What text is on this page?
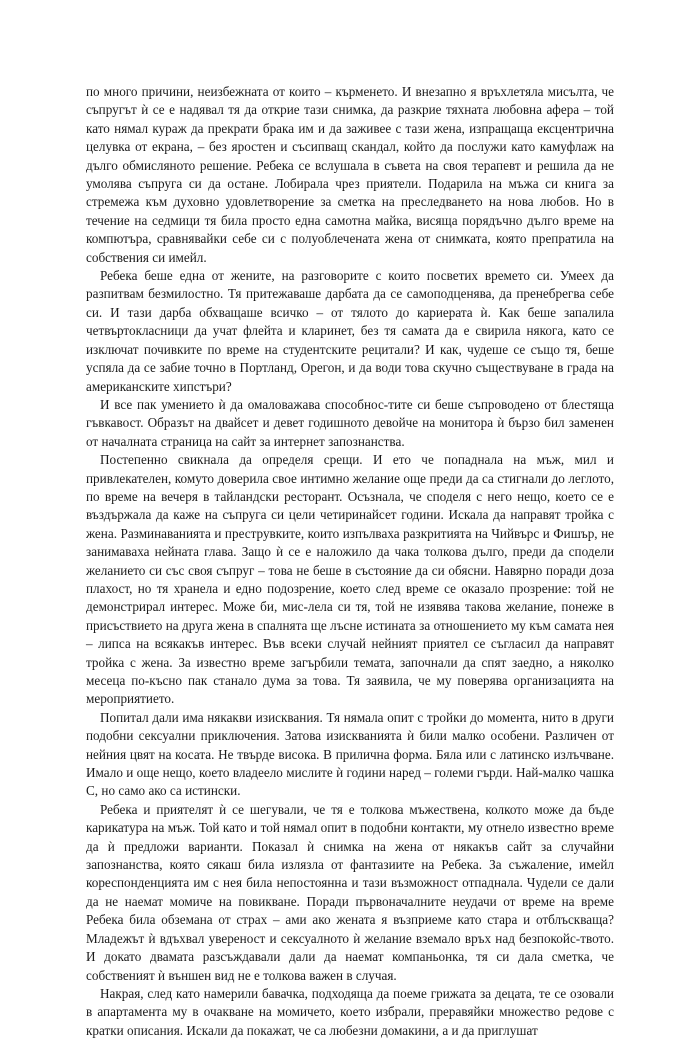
по много причини, неизбежната от които – кърменето. И внезапно я връхлетяла мисълта, че съпругът ѝ се е надявал тя да открие тази снимка, да разкрие тяхната любовна афера – той като нямал кураж да прекрати брака им и да заживее с тази жена, изпращаща ексцентрична целувка от екрана, – без яростен и съсипващ скандал, който да послужи като камуфлаж на дълго обмисляното решение. Ребека се вслушала в съвета на своя терапевт и решила да не умолява съпруга си да остане. Лобирала чрез приятели. Подарила на мъжа си книга за стремежа към духовно удовлетворение за сметка на преследването на нова любов. Но в течение на седмици тя била просто една самотна майка, висяща порядъчно дълго време на компютъра, сравнявайки себе си с полуоблечената жена от снимката, която препратила на собствения си имейл.

Ребека беше една от жените, на разговорите с които посветих времето си. Умеех да разпитвам безмилостно. Тя притежаваше дарбата да се самоподценява, да пренебрегва себе си. И тази дарба обхващаше всичко – от тялото до кариерата ѝ. Как беше запалила четвъртокласници да учат флейта и кларинет, без тя самата да е свирила някога, като се изключат почивките по време на студентските рецитали? И как, чудеше се също тя, беше успяла да се забие точно в Портланд, Орегон, и да води това скучно съществуване в града на американските хипстъри?

И все пак умението ѝ да омаловажава способнос-тите си беше съпроводено от блестяща гъвкавост. Образът на двайсет и девет годишното девойче на монитора ѝ бързо бил заменен от началната страница на сайт за интернет запознанства.

Постепенно свикнала да определя срещи. И ето че попаднала на мъж, мил и привлекателен, комуто доверила свое интимно желание още преди да са стигнали до леглото, по време на вечеря в тайландски ресторант. Осъзнала, че споделя с него нещо, което се е въздържала да каже на съпруга си цели четиринайсет години. Искала да направят тройка с жена. Разминаванията и преструвките, които изпълваха разкритията на Чийвърс и Фишър, не занимаваха нейната глава. Защо ѝ се е наложило да чака толкова дълго, преди да сподели желанието си със своя съпруг – това не беше в състояние да си обясни. Навярно поради доза плахост, но тя хранела и едно подозрение, което след време се оказало прозрение: той не демонстрирал интерес. Може би, мис-лела си тя, той не изявява такова желание, понеже в присъствието на друга жена в спалнята ще лъсне истината за отношението му към самата нея – липса на всякакъв интерес. Във всеки случай нейният приятел се съгласил да направят тройка с жена. За известно време загърбили темата, започнали да спят заедно, а няколко месеца по-късно пак станало дума за това. Тя заявила, че му поверява организацията на мероприятието.

Попитал дали има някакви изисквания. Тя нямала опит с тройки до момента, нито в други подобни сексуални приключения. Затова изискванията ѝ били малко особени. Различен от нейния цвят на косата. Не твърде висока. В прилична форма. Бяла или с латинско излъчване. Имало и още нещо, което владеело мислите ѝ години наред – големи гърди. Най-малко чашка С, но само ако са истински.

Ребека и приятелят ѝ се шегували, че тя е толкова мъжествена, колкото може да бъде карикатура на мъж. Той като и той нямал опит в подобни контакти, му отнело известно време да ѝ предложи варианти. Показал ѝ снимка на жена от някакъв сайт за случайни запознанства, която сякаш била излязла от фантазиите на Ребека. За съжаление, имейл кореспонденцията им с нея била непостоянна и тази възможност отпаднала. Чудели се дали да не наемат момиче на повикване. Поради първоначалните неудачи от време на време Ребека била обземана от страх – ами ако жената я възприеме като стара и отблъскваща? Младежът ѝ вдъхвал увереност и сексуалното ѝ желание вземало връх над безпокойс-твото. И докато двамата разсъждавали дали да наемат компаньонка, тя си дала сметка, че собственият ѝ външен вид не е толкова важен в случая.

Накрая, след като намерили бавачка, подходяща да поеме грижата за децата, те се озовали в апартамента му в очакване на момичето, което избрали, преравяйки множество редове с кратки описания. Искали да покажат, че са любезни домакини, а и да приглушат
